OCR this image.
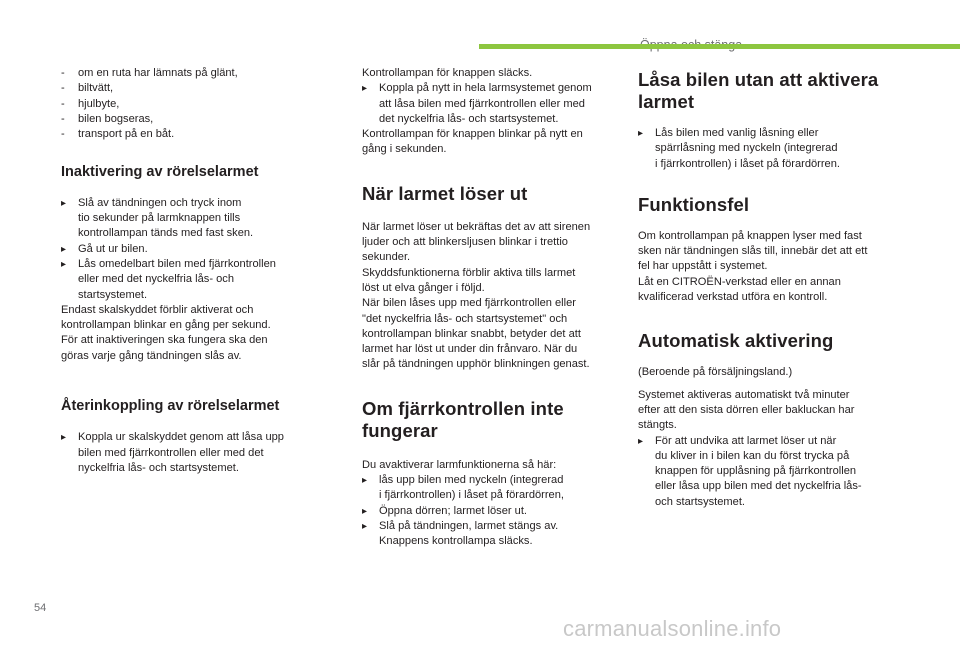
- om en ruta har lämnats på glänt,
- biltvätt,
- hjulbyte,
- bilen bogseras,
- transport på en båt.
Inaktivering av rörelselarmet
▸ Slå av tändningen och tryck inom
tio sekunder på larmknappen tills
kontrollampan tänds med fast sken.
▸ Gå ut ur bilen.
▸ Lås omedelbart bilen med fjärrkontrollen
eller med det nyckelfria lås- och
startsystemet.

Endast skalskyddet förblir aktiverat och
kontrollampan blinkar en gång per sekund.
För att inaktiveringen ska fungera ska den
göras varje gång tändningen slås av.

Återinkoppling av rörelselarmet
▸ Koppla ur skalskyddet genom att låsa upp
bilen med fjärrkontrollen eller med det
nyckelfria lås- och startsystemet.

Kontrollampan för knappen släcks.

▸ Koppla på nytt in hela larmsystemet genom
att låsa bilen med fjärrkontrollen eller med
det nyckelfria lås- och startsystemet.

Kontrollampan för knappen blinkar på nytt en
gång i sekunden.

När larmet löser ut

När larmet löser ut bekräftas det av att sirenen
ljuder och att blinkersljusen blinkar i trettio
sekunder.
Skyddsfunktionerna förblir aktiva tills larmet
löst ut elva gånger i följd.
När bilen låses upp med fjärrkontrollen eller
"det nyckelfria lås- och startsystemet" och
kontrollampan blinkar snabbt, betyder det att
larmet har löst ut under din frånvaro. När du
slår på tändningen upphör blinkningen genast.

Om fjärrkontrollen inte
fungerar

Du avaktiverar larmfunktionerna så här:

▸ lås upp bilen med nyckeln (integrerad
i fjärrkontrollen) i låset på förardörren,
▸ Öppna dörren; larmet löser ut.
▸ Slå på tändningen, larmet stängs av.
Knappens kontrollampa släcks.
Låsa bilen utan att aktivera
larmet
▸ Lås bilen med vanlig låsning eller
spärrlåsning med nyckeln (integrerad
i fjärrkontrollen) i låset på förardörren.
Funktionsfel

Om kontrollampan på knappen lyser med fast
sken när tändningen slås till, innebär det att ett
fel har uppstått i systemet.
Låt en CITROËN-verkstad eller en annan
kvalificerad verkstad utföra en kontroll.

Automatisk aktivering

(Beroende på försäljningsland.)

Systemet aktiveras automatiskt två minuter
efter att den sista dörren eller bakluckan har
stängts.

▸ För att undvika att larmet löser ut när
du kliver in i bilen kan du först trycka på
knappen för upplåsning på fjärrkontrollen
eller låsa upp bilen med det nyckelfria lås-
och startsystemet.
54
carmanualsonline.info
